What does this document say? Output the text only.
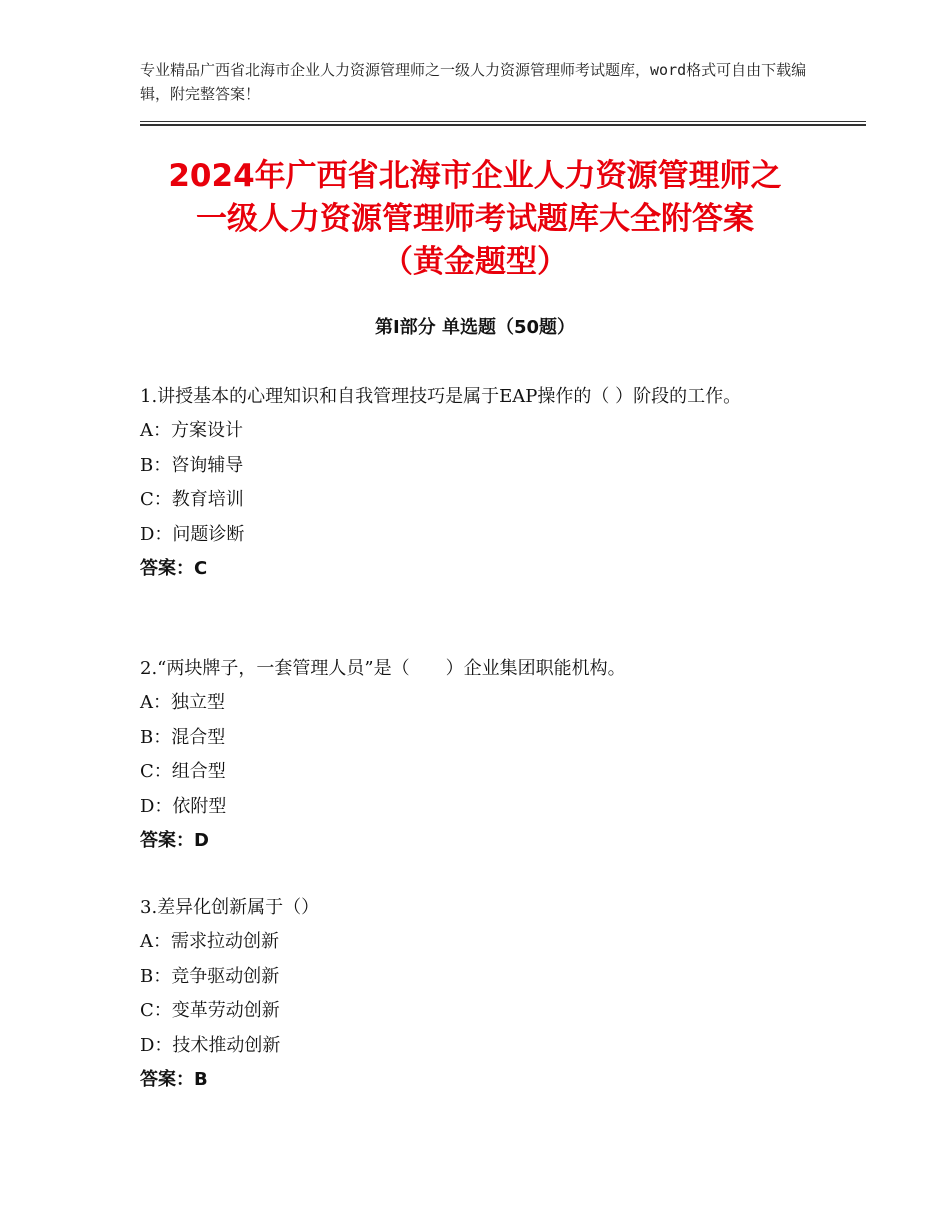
专业精品广西省北海市企业人力资源管理师之一级人力资源管理师考试题库，word格式可自由下载编辑，附完整答案！
2024年广西省北海市企业人力资源管理师之
一级人力资源管理师考试题库大全附答案
（黄金题型）
第Ⅰ部分 单选题（50题）
1.讲授基本的心理知识和自我管理技巧是属于EAP操作的（ ）阶段的工作。
A：方案设计
B：咨询辅导
C：教育培训
D：问题诊断
答案：C
2.“两块牌子，一套管理人员”是（　　）企业集团职能机构。
A：独立型
B：混合型
C：组合型
D：依附型
答案：D
3.差异化创新属于（）
A：需求拉动创新
B：竞争驱动创新
C：变革劳动创新
D：技术推动创新
答案：B
